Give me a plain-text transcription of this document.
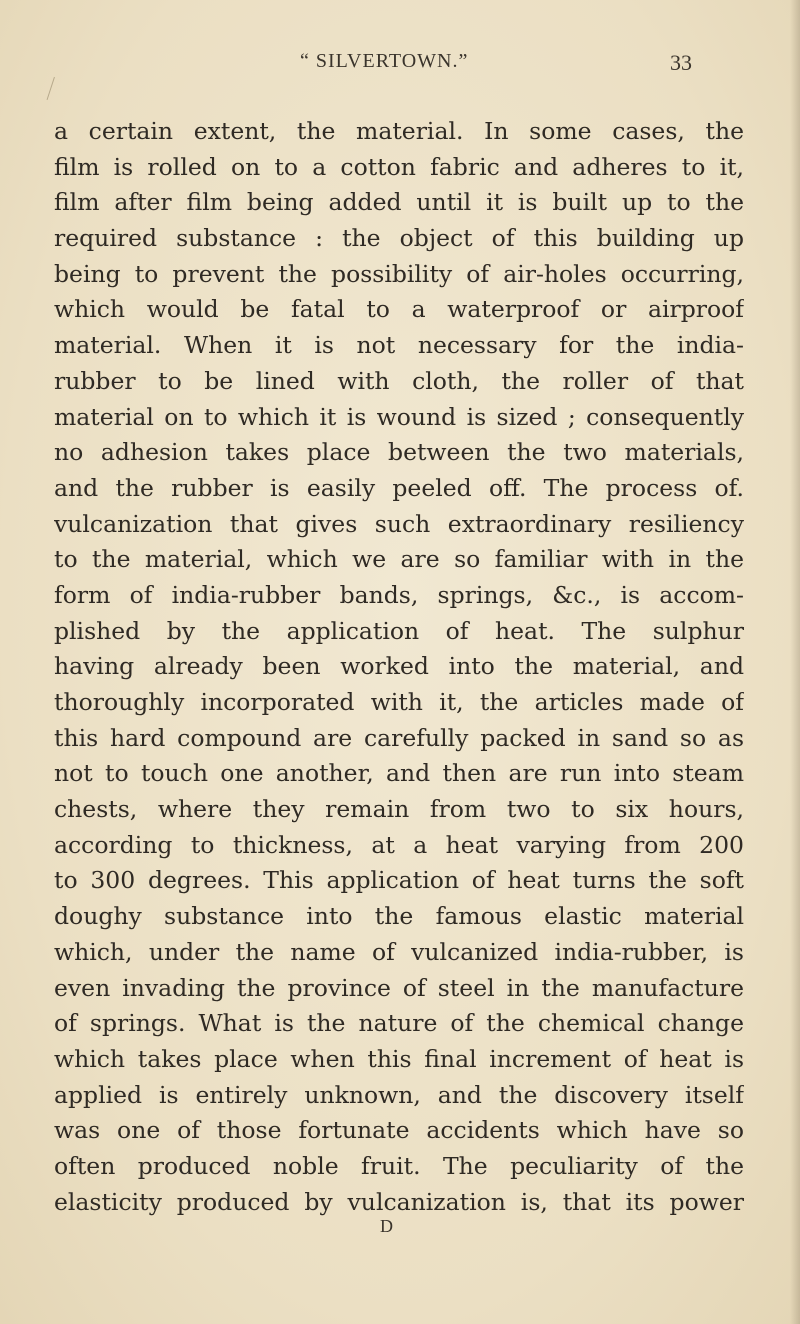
“ SILVERTOWN.”	33
a certain extent, the material. In some cases, the
film is rolled on to a cotton fabric and adheres to it,
film after film being added until it is built up to the
required substance : the object of this building up
being to prevent the possibility of air-holes occurring,
which would be fatal to a waterproof or airproof
material. When it is not necessary for the india-
rubber to be lined with cloth, the roller of that
material on to which it is wound is sized ; consequently
no adhesion takes place between the two materials,
and the rubber is easily peeled off. The process of.
vulcanization that gives such extraordinary resiliency
to the material, which we are so familiar with in the
form of india-rubber bands, springs, &c., is accom-
plished by the application of heat. The sulphur
having already been worked into the material, and
thoroughly incorporated with it, the articles made of
this hard compound are carefully packed in sand so as
not to touch one another, and then are run into steam
chests, where they remain from two to six hours,
according to thickness, at a heat varying from 200
to 300 degrees. This application of heat turns the soft
doughy substance into the famous elastic material
which, under the name of vulcanized india-rubber, is
even invading the province of steel in the manufacture
of springs. What is the nature of the chemical change
which takes place when this final increment of heat is
applied is entirely unknown, and the discovery itself
was one of those fortunate accidents which have so
often produced noble fruit. The peculiarity of the
elasticity produced by vulcanization is, that its power
D
